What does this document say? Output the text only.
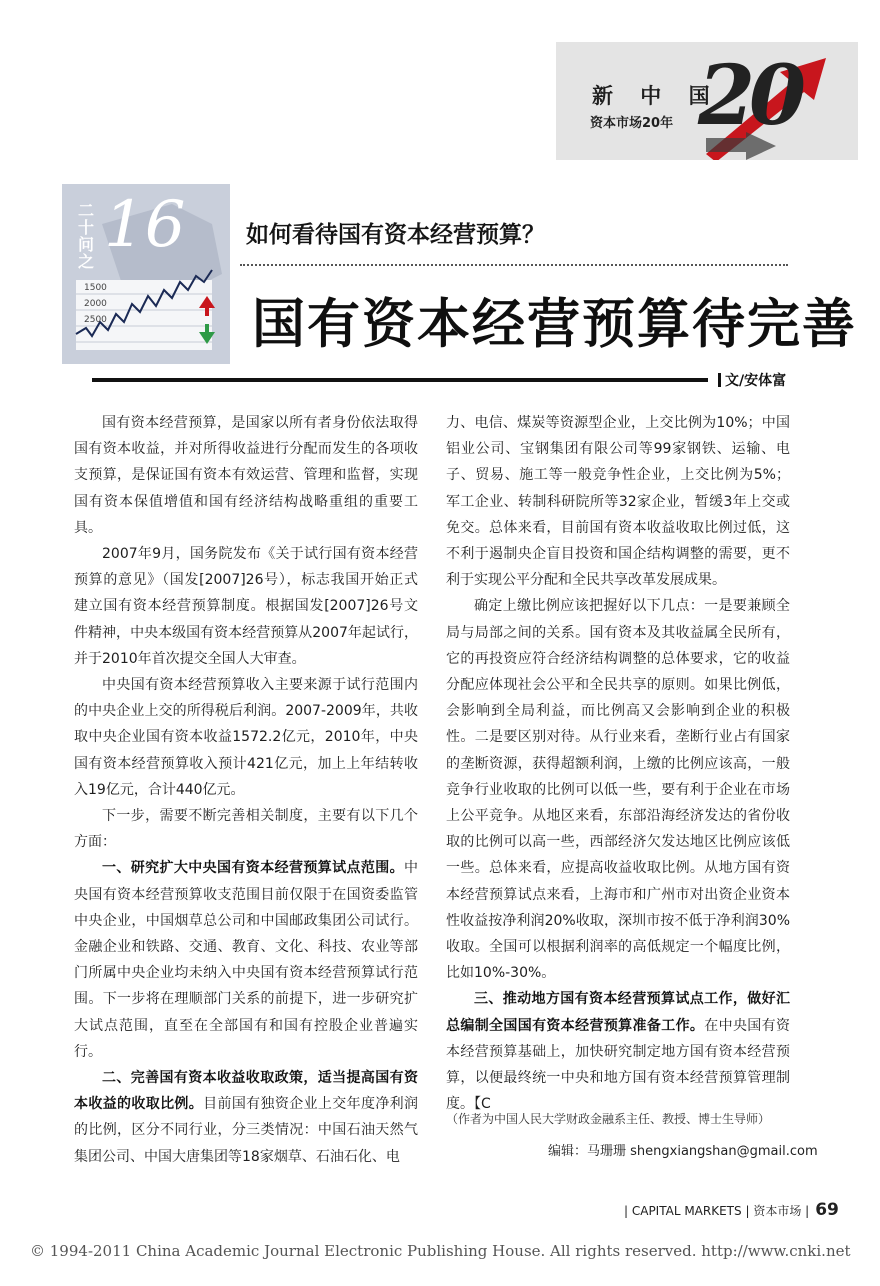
20
新 中 国
资本市场20年
二十问之 16
1500
2000
2500
如何看待国有资本经营预算？
国有资本经营预算待完善
文/安体富

国有资本经营预算，是国家以所有者身份依法取得国有资本收益，并对所得收益进行分配而发生的各项收支预算，是保证国有资本有效运营、管理和监督，实现国有资本保值增值和国有经济结构战略重组的重要工具。

2007年9月，国务院发布《关于试行国有资本经营预算的意见》（国发[2007]26号），标志我国开始正式建立国有资本经营预算制度。根据国发[2007]26号文件精神，中央本级国有资本经营预算从2007年起试行，并于2010年首次提交全国人大审查。

中央国有资本经营预算收入主要来源于试行范围内的中央企业上交的所得税后利润。2007-2009年，共收取中央企业国有资本收益1572.2亿元，2010年，中央国有资本经营预算收入预计421亿元，加上上年结转收入19亿元，合计440亿元。

下一步，需要不断完善相关制度，主要有以下几个方面：

一、研究扩大中央国有资本经营预算试点范围。中央国有资本经营预算收支范围目前仅限于在国资委监管中央企业，中国烟草总公司和中国邮政集团公司试行。金融企业和铁路、交通、教育、文化、科技、农业等部门所属中央企业均未纳入中央国有资本经营预算试行范围。下一步将在理顺部门关系的前提下，进一步研究扩大试点范围，直至在全部国有和国有控股企业普遍实行。

二、完善国有资本收益收取政策，适当提高国有资本收益的收取比例。目前国有独资企业上交年度净利润的比例，区分不同行业，分三类情况：中国石油天然气集团公司、中国大唐集团等18家烟草、石油石化、电

力、电信、煤炭等资源型企业，上交比例为10%；中国铝业公司、宝钢集团有限公司等99家钢铁、运输、电子、贸易、施工等一般竞争性企业，上交比例为5%；军工企业、转制科研院所等32家企业，暂缓3年上交或免交。总体来看，目前国有资本收益收取比例过低，这不利于遏制央企盲目投资和国企结构调整的需要，更不利于实现公平分配和全民共享改革发展成果。

确定上缴比例应该把握好以下几点：一是要兼顾全局与局部之间的关系。国有资本及其收益属全民所有，它的再投资应符合经济结构调整的总体要求，它的收益分配应体现社会公平和全民共享的原则。如果比例低，会影响到全局利益，而比例高又会影响到企业的积极性。二是要区别对待。从行业来看，垄断行业占有国家的垄断资源，获得超额利润，上缴的比例应该高，一般竞争行业收取的比例可以低一些，要有利于企业在市场上公平竞争。从地区来看，东部沿海经济发达的省份收取的比例可以高一些，西部经济欠发达地区比例应该低一些。总体来看，应提高收益收取比例。从地方国有资本经营预算试点来看，上海市和广州市对出资企业资本性收益按净利润20%收取，深圳市按不低于净利润30%收取。全国可以根据利润率的高低规定一个幅度比例，比如10%-30%。

三、推动地方国有资本经营预算试点工作，做好汇总编制全国国有资本经营预算准备工作。在中央国有资本经营预算基础上，加快研究制定地方国有资本经营预算，以便最终统一中央和地方国有资本经营预算管理制度。【C

（作者为中国人民大学财政金融系主任、教授、博士生导师）
编辑：马珊珊 shengxiangshan@gmail.com
| CAPITAL MARKETS | 资本市场 | 69
© 1994-2011 China Academic Journal Electronic Publishing House. All rights reserved. http://www.cnki.net
